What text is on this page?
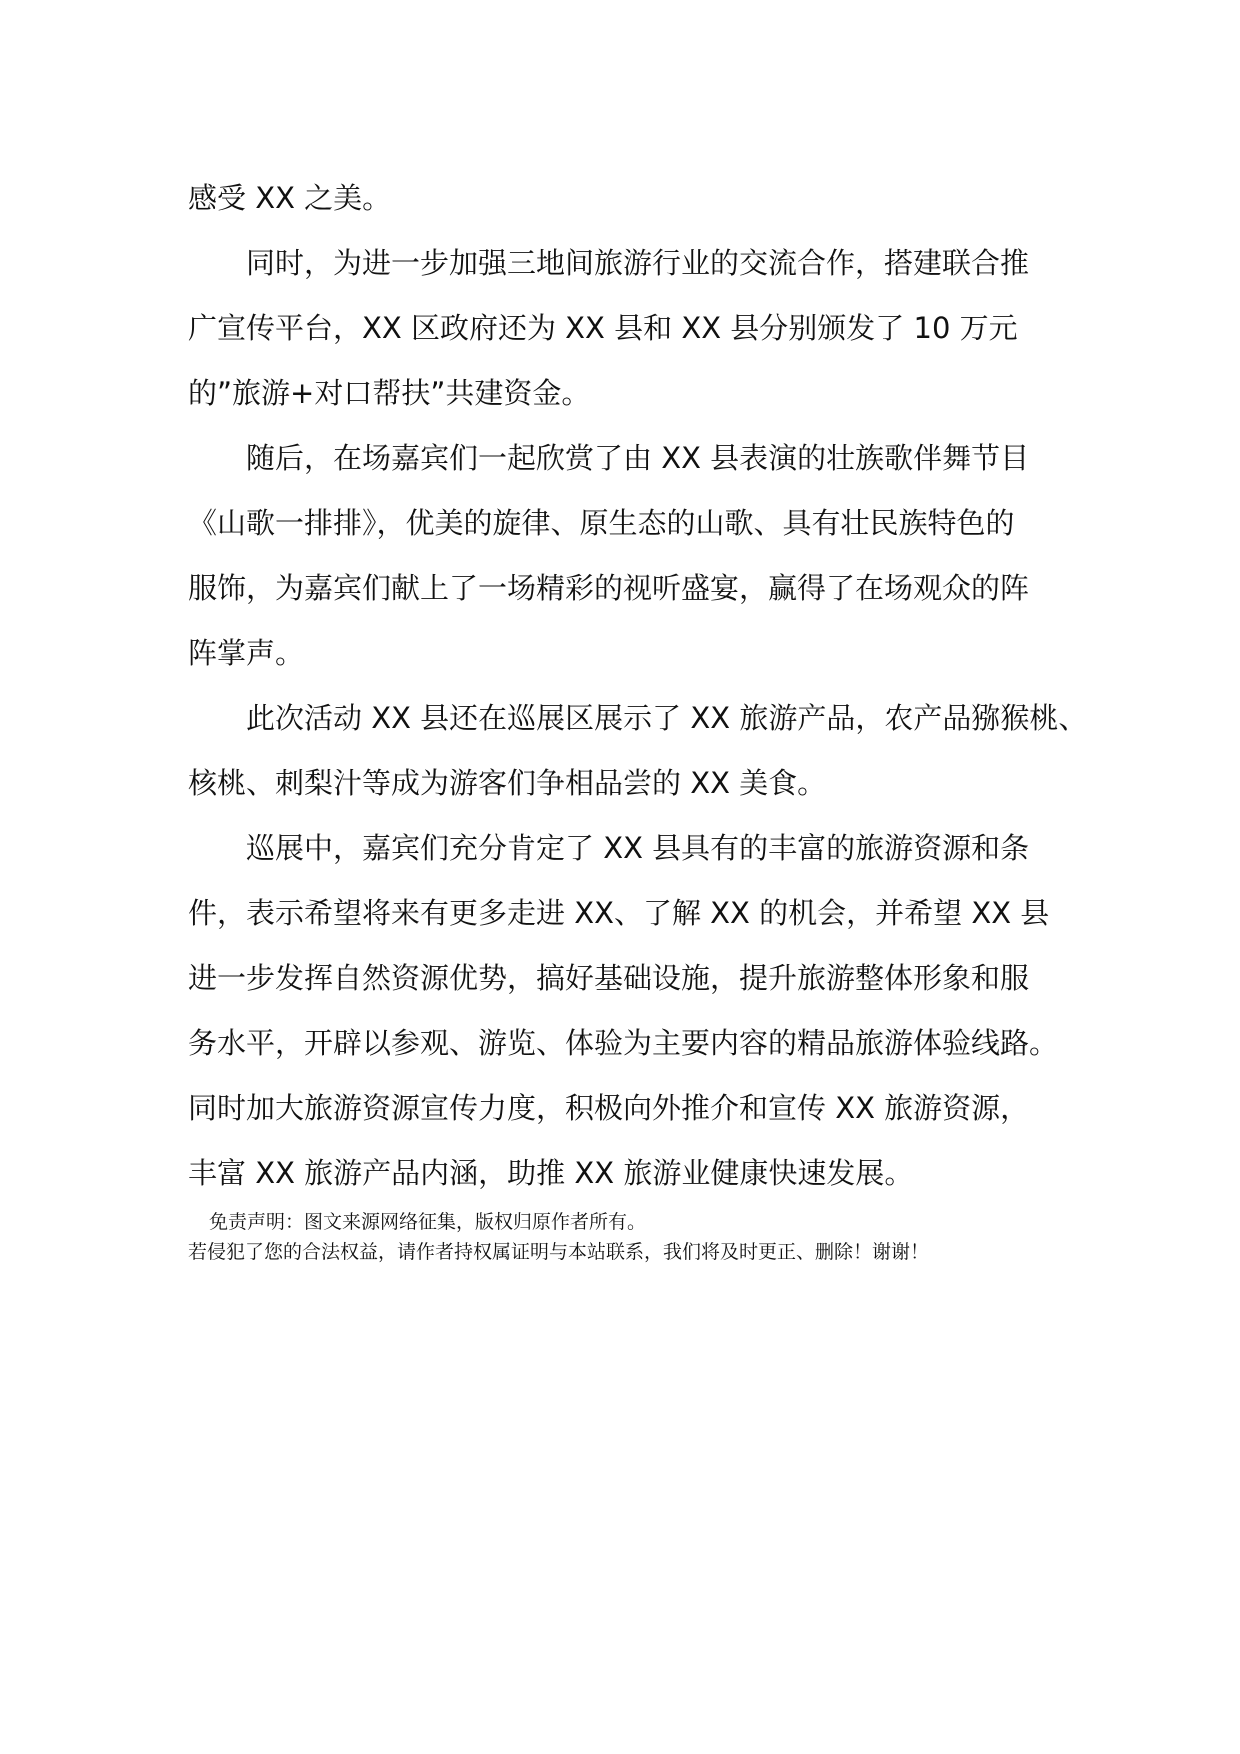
感受 XX 之美。
同时，为进一步加强三地间旅游行业的交流合作，搭建联合推
广宣传平台，XX 区政府还为 XX 县和 XX 县分别颁发了 10 万元
的”旅游+对口帮扶”共建资金。
随后，在场嘉宾们一起欣赏了由 XX 县表演的壮族歌伴舞节目
《山歌一排排》，优美的旋律、原生态的山歌、具有壮民族特色的
服饰，为嘉宾们献上了一场精彩的视听盛宴，赢得了在场观众的阵
阵掌声。
此次活动 XX 县还在巡展区展示了 XX 旅游产品，农产品猕猴桃、
核桃、刺梨汁等成为游客们争相品尝的 XX 美食。
巡展中，嘉宾们充分肯定了 XX 县具有的丰富的旅游资源和条
件，表示希望将来有更多走进 XX、了解 XX 的机会，并希望 XX 县
进一步发挥自然资源优势，搞好基础设施，提升旅游整体形象和服
务水平，开辟以参观、游览、体验为主要内容的精品旅游体验线路。
同时加大旅游资源宣传力度，积极向外推介和宣传 XX 旅游资源，
丰富 XX 旅游产品内涵，助推 XX 旅游业健康快速发展。
免责声明：图文来源网络征集，版权归原作者所有。
若侵犯了您的合法权益，请作者持权属证明与本站联系，我们将及时更正、删除！谢谢！
